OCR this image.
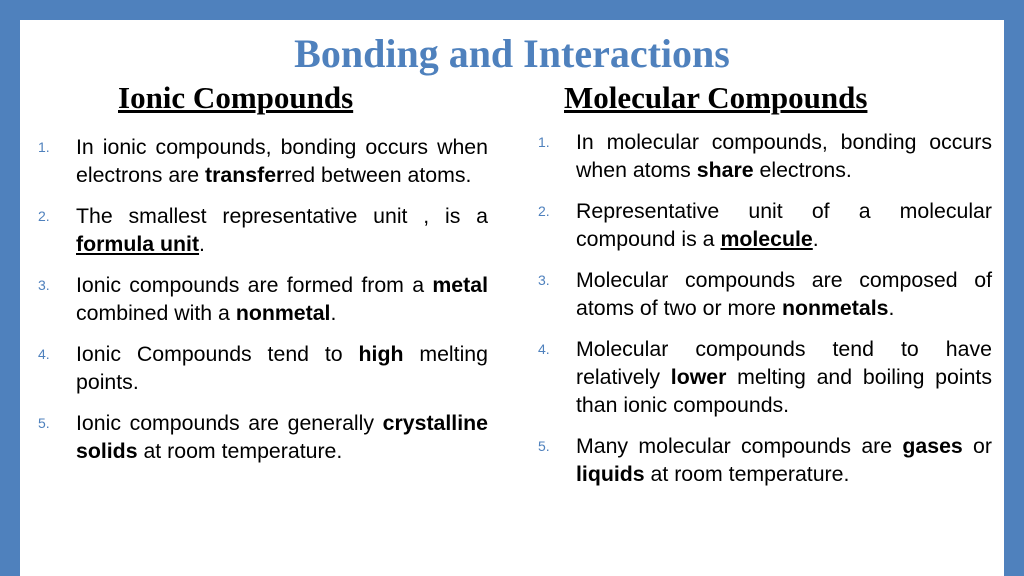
Bonding and Interactions
Ionic Compounds	Molecular Compounds
1.	In ionic compounds, bonding occurs when electrons are transferred between atoms.
2.	The smallest representative unit , is a formula unit.
3.	Ionic compounds are formed from a metal combined with a nonmetal.
4.	Ionic Compounds tend to high melting points.
5.	Ionic compounds are generally crystalline solids at room temperature.
1.	In molecular compounds, bonding occurs when atoms share electrons.
2.	Representative unit of a molecular compound is a molecule.
3.	Molecular compounds are composed of atoms of two or more nonmetals.
4.	Molecular compounds tend to have relatively lower melting and boiling points than ionic compounds.
5.	Many molecular compounds are gases or liquids at room temperature.
